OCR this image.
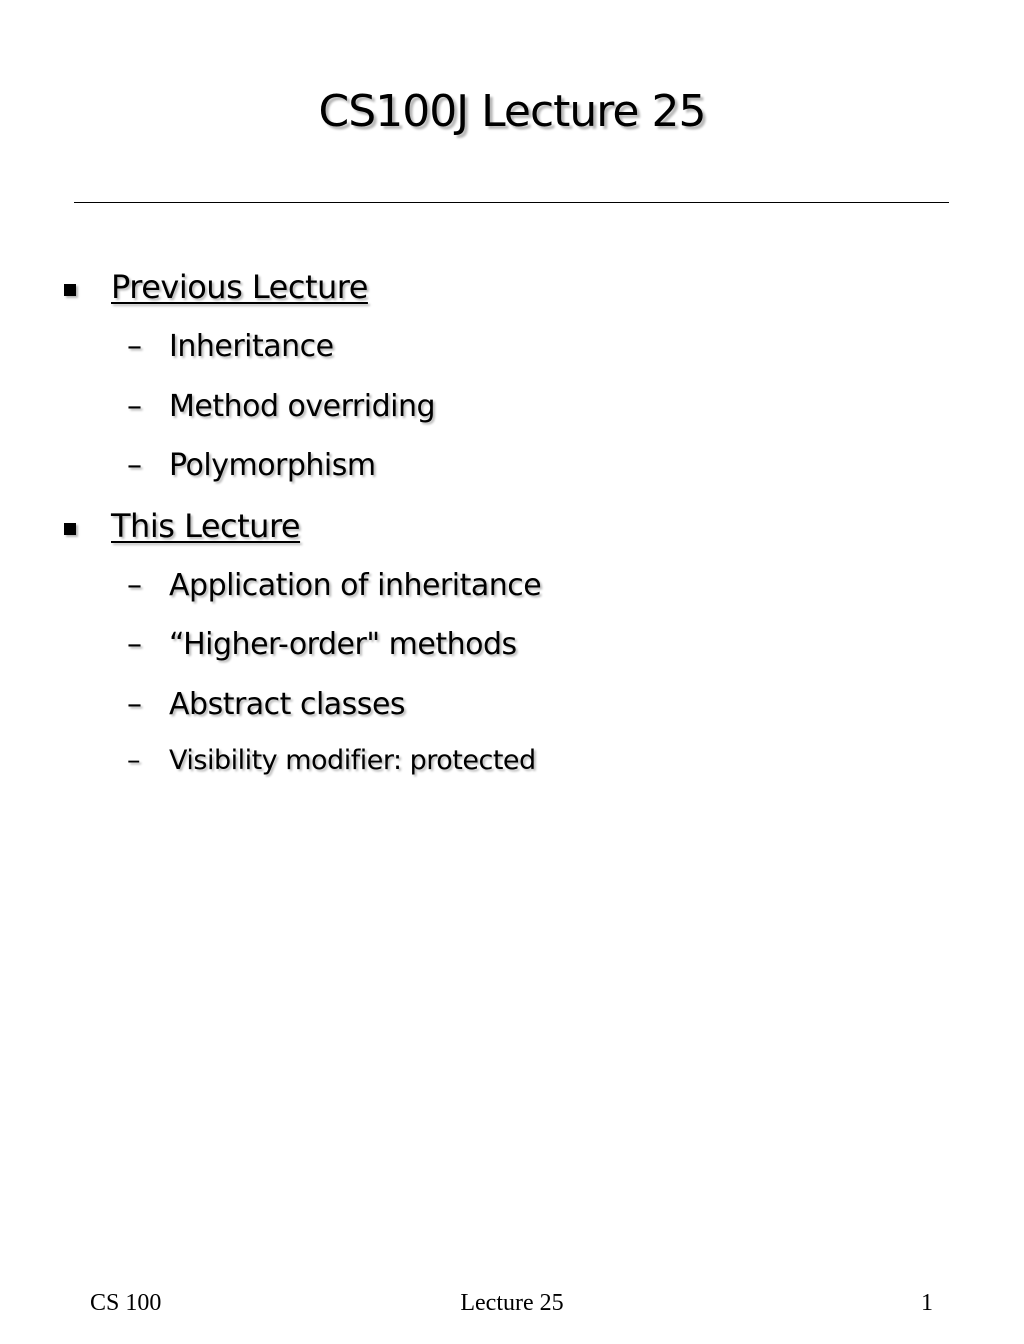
CS100J Lecture 25
Previous Lecture
– Inheritance
– Method overriding
– Polymorphism
This Lecture
– Application of inheritance
– “Higher-order" methods
– Abstract classes
– Visibility modifier: protected
CS 100	Lecture 25	1
